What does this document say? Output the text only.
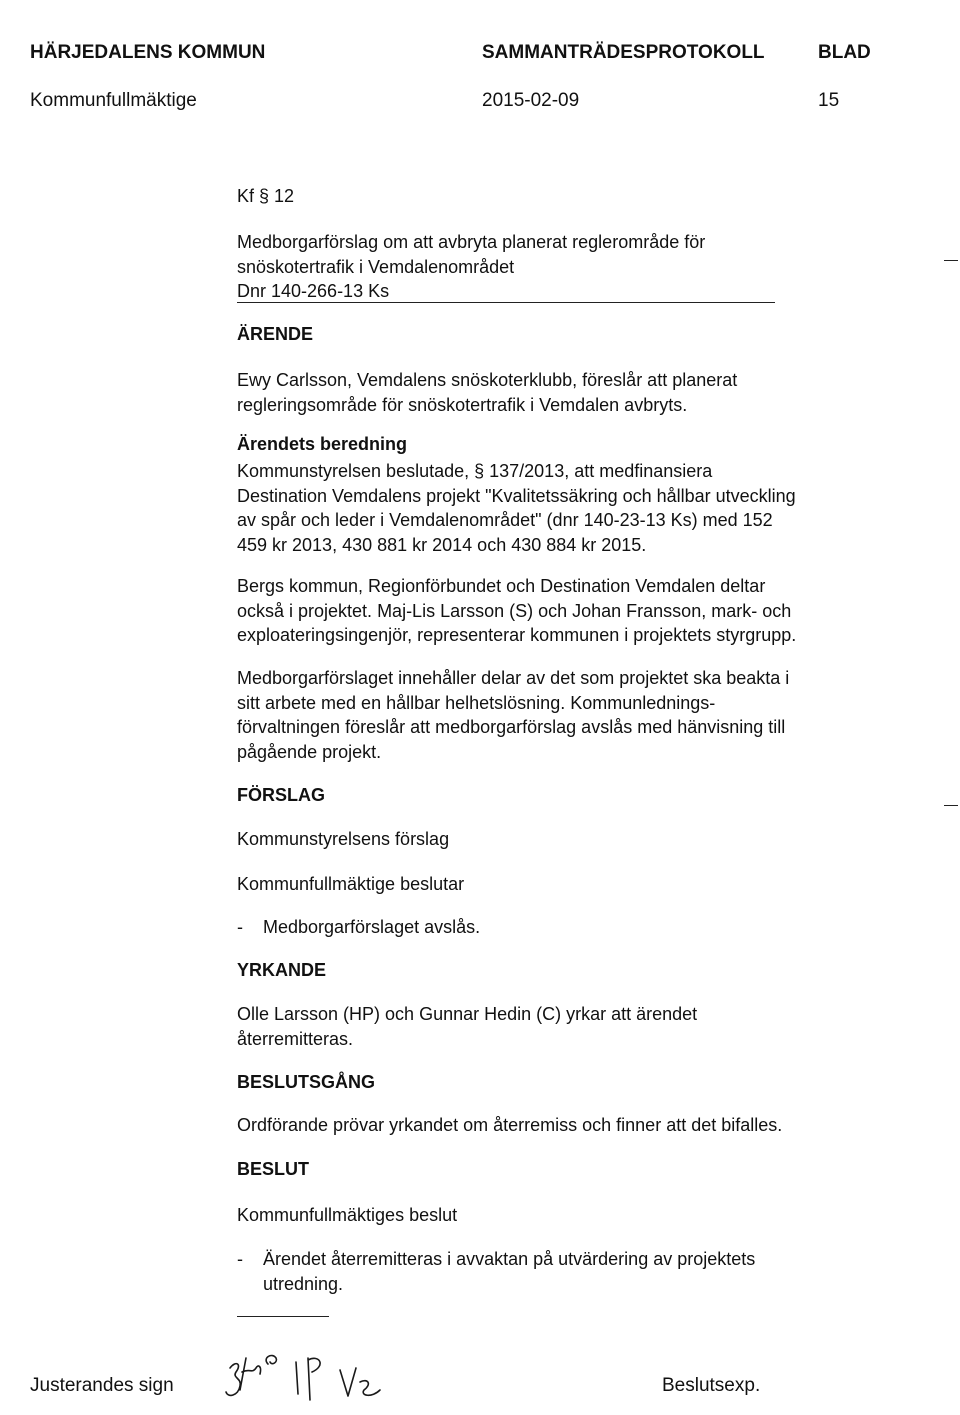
HÄRJEDALENS KOMMUN	SAMMANTRÄDESPROTOKOLL	BLAD
Kommunfullmäktige	2015-02-09	15
Kf § 12
Medborgarförslag om att avbryta planerat reglerområde för
snöskotertrafik i Vemdalenområdet
Dnr 140-266-13 Ks
ÄRENDE
Ewy Carlsson, Vemdalens snöskoterklubb, föreslår att planerat
regleringsområde för snöskotertrafik i Vemdalen avbryts.
Ärendets beredning
Kommunstyrelsen beslutade, § 137/2013, att medfinansiera
Destination Vemdalens projekt "Kvalitetssäkring och hållbar utveckling
av spår och leder i Vemdalenområdet" (dnr 140-23-13 Ks) med 152
459 kr 2013, 430 881 kr 2014 och 430 884 kr 2015.
Bergs kommun, Regionförbundet och Destination Vemdalen deltar
också i projektet. Maj-Lis Larsson (S) och Johan Fransson, mark- och
exploateringsingenjör, representerar kommunen i projektets styrgrupp.
Medborgarförslaget innehåller delar av det som projektet ska beakta i
sitt arbete med en hållbar helhetslösning. Kommunlednings-
förvaltningen föreslår att medborgarförslag avslås med hänvisning till
pågående projekt.
FÖRSLAG
Kommunstyrelsens förslag
Kommunfullmäktige beslutar
- Medborgarförslaget avslås.
YRKANDE
Olle Larsson (HP) och Gunnar Hedin (C) yrkar att ärendet
återremitteras.
BESLUTSGÅNG
Ordförande prövar yrkandet om återremiss och finner att det bifalles.
BESLUT
Kommunfullmäktiges beslut
- Ärendet återremitteras i avvaktan på utvärdering av projektets
utredning.
Justerandes sign	Beslutsexp.
